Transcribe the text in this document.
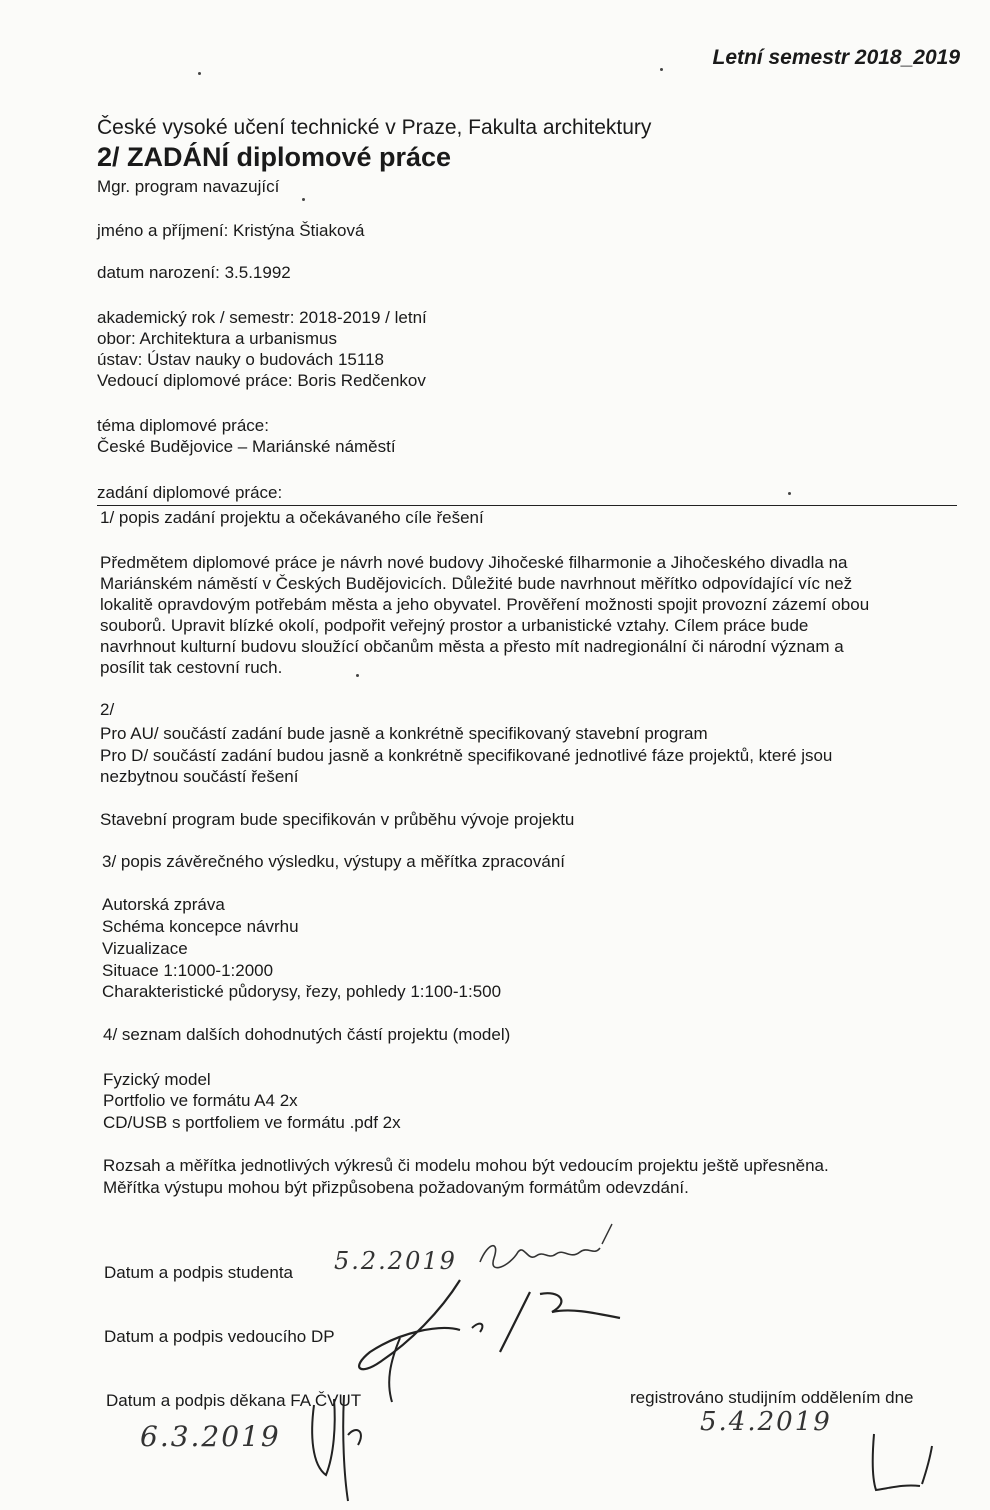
Letní semestr 2018_2019
České vysoké učení technické v Praze, Fakulta architektury
2/ ZADÁNÍ diplomové práce
Mgr. program navazující
jméno a příjmení: Kristýna Štiaková
datum narození: 3.5.1992
akademický rok / semestr: 2018-2019 / letní
obor: Architektura a urbanismus
ústav: Ústav nauky o budovách 15118
Vedoucí diplomové práce: Boris Redčenkov
téma diplomové práce:
České Budějovice – Mariánské náměstí
zadání diplomové práce:
1/ popis zadání projektu a očekávaného cíle řešení
Předmětem diplomové práce je návrh nové budovy Jihočeské filharmonie a Jihočeského divadla na
Mariánském náměstí v Českých Budějovicích. Důležité bude navrhnout měřítko odpovídající víc než
lokalitě opravdovým potřebám města a jeho obyvatel. Prověření možnosti spojit provozní zázemí obou
souborů. Upravit blízké okolí, podpořit veřejný prostor a urbanistické vztahy. Cílem práce bude
navrhnout kulturní budovu sloužící občanům města a přesto mít nadregionální či národní význam a
posílit tak cestovní ruch.
2/
Pro AU/ součástí zadání bude jasně a konkrétně specifikovaný stavební program
Pro D/ součástí zadání budou jasně a konkrétně specifikované jednotlivé fáze projektů, které jsou
nezbytnou součástí řešení
Stavební program bude specifikován v průběhu vývoje projektu
3/ popis závěrečného výsledku, výstupy a měřítka zpracování
Autorská zpráva
Schéma koncepce návrhu
Vizualizace
Situace 1:1000-1:2000
Charakteristické půdorysy, řezy, pohledy 1:100-1:500
4/ seznam dalších dohodnutých částí projektu (model)
Fyzický model
Portfolio ve formátu A4 2x
CD/USB s portfoliem ve formátu .pdf 2x
Rozsah a měřítka jednotlivých výkresů či modelu mohou být vedoucím projektu ještě upřesněna.
Měřítka výstupu mohou být přizpůsobena požadovaným formátům odevzdání.
Datum a podpis studenta 5.2.2019
Datum a podpis vedoucího DP
Datum a podpis děkana FA ČVUT
6.3.2019
registrováno studijním oddělením dne
5.4.2019
